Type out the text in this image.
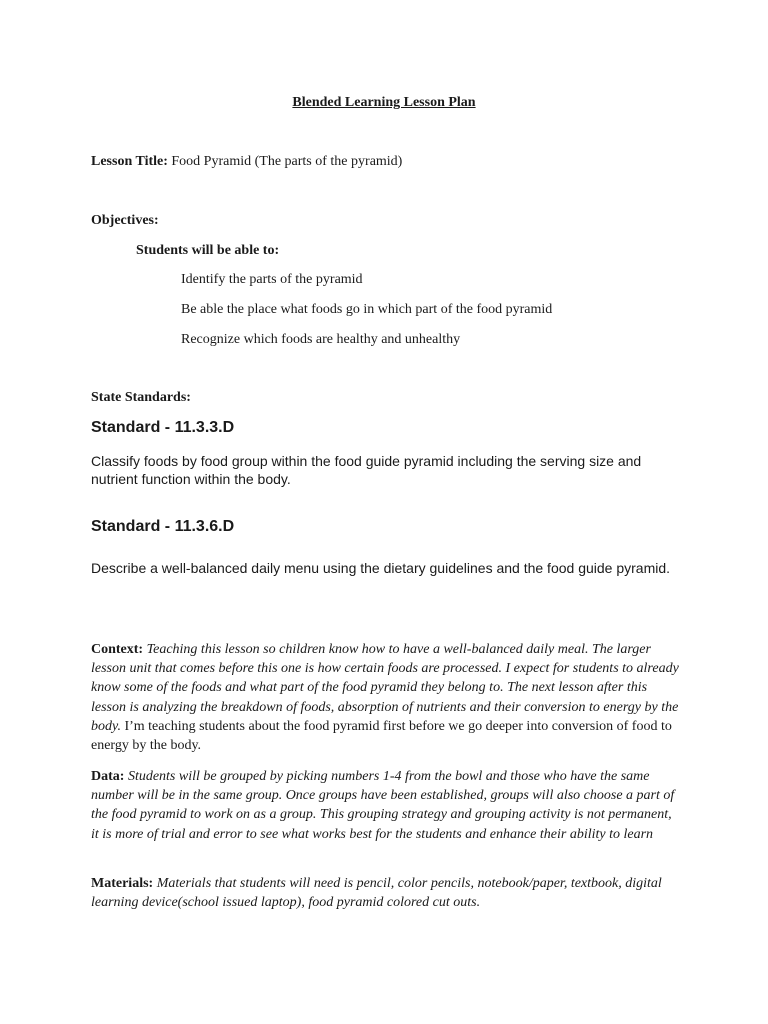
Blended Learning Lesson Plan
Lesson Title: Food Pyramid (The parts of the pyramid)
Objectives:
Students will be able to:
Identify the parts of the pyramid
Be able the place what foods go in which part of the food pyramid
Recognize which foods are healthy and unhealthy
State Standards:
Standard - 11.3.3.D
Classify foods by food group within the food guide pyramid including the serving size and nutrient function within the body.
Standard - 11.3.6.D
Describe a well-balanced daily menu using the dietary guidelines and the food guide pyramid.
Context: Teaching this lesson so children know how to have a well-balanced daily meal. The larger lesson unit that comes before this one is how certain foods are processed. I expect for students to already know some of the foods and what part of the food pyramid they belong to. The next lesson after this lesson is analyzing the breakdown of foods, absorption of nutrients and their conversion to energy by the body. I’m teaching students about the food pyramid first before we go deeper into conversion of food to energy by the body.
Data: Students will be grouped by picking numbers 1-4 from the bowl and those who have the same number will be in the same group. Once groups have been established, groups will also choose a part of the food pyramid to work on as a group. This grouping strategy and grouping activity is not permanent, it is more of trial and error to see what works best for the students and enhance their ability to learn
Materials: Materials that students will need is pencil, color pencils, notebook/paper, textbook, digital learning device(school issued laptop), food pyramid colored cut outs.
